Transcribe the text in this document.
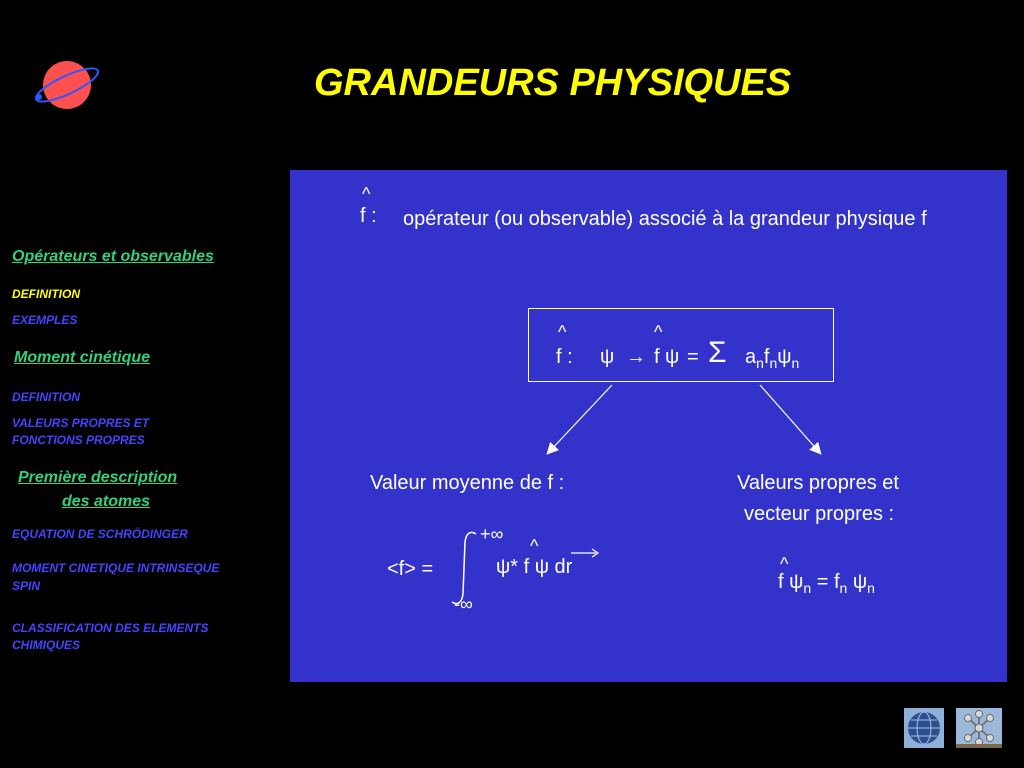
GRANDEURS PHYSIQUES
Opérateurs et observables
DEFINITION
EXEMPLES
Moment cinétique
DEFINITION
VALEURS PROPRES ET
FONCTIONS PROPRES
Première description
des atomes
EQUATION DE SCHRÖDINGER
MOMENT CINETIQUE INTRINSEQUE
SPIN
CLASSIFICATION DES ELEMENTS
CHIMIQUES
^
f : opérateur (ou observable) associé à la grandeur physique f
^
f : ψ →
^
f ψ = Σ $a_nf_n\psi_n$
Valeur moyenne de f :
<f> =
+∞
-∞
^
ψ* f ψ dr
Valeurs propres et
vecteur propres :
^
f $\psi_n = f_n$ $\psi_n$
